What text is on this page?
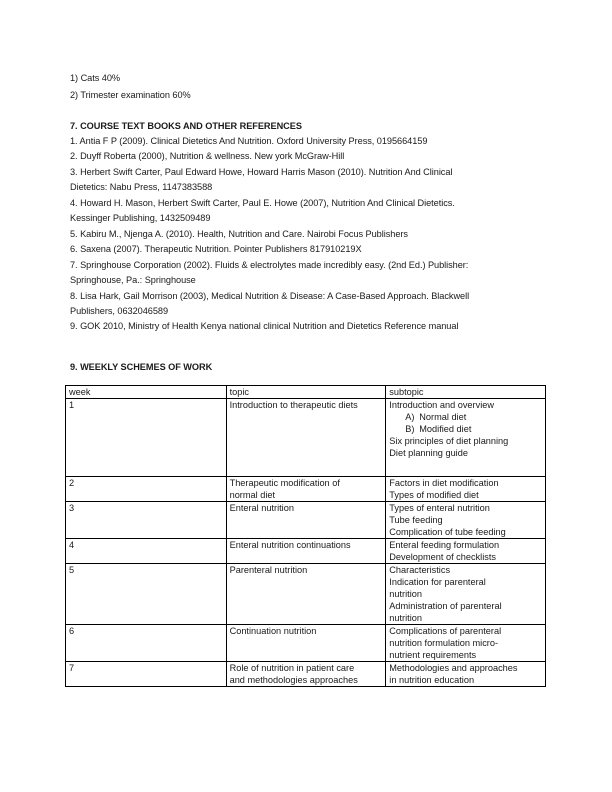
1) Cats 40%
2) Trimester examination 60%
7. COURSE TEXT BOOKS AND OTHER REFERENCES
1. Antia F P (2009). Clinical Dietetics And Nutrition. Oxford University Press, 0195664159
2. Duyff Roberta (2000), Nutrition & wellness. New york McGraw-Hill
3. Herbert Swift Carter, Paul Edward Howe, Howard Harris Mason (2010). Nutrition And Clinical
Dietetics: Nabu Press, 1147383588
4. Howard H. Mason, Herbert Swift Carter, Paul E. Howe (2007), Nutrition And Clinical Dietetics.
Kessinger Publishing, 1432509489
5. Kabiru M., Njenga A. (2010). Health, Nutrition and Care. Nairobi Focus Publishers
6. Saxena (2007). Therapeutic Nutrition. Pointer Publishers 817910219X
7. Springhouse Corporation (2002). Fluids & electrolytes made incredibly easy. (2nd Ed.) Publisher:
Springhouse, Pa.: Springhouse
8. Lisa Hark, Gail Morrison (2003), Medical Nutrition & Disease: A Case-Based Approach. Blackwell
Publishers, 0632046589
9. GOK 2010, Ministry of Health Kenya national clinical Nutrition and Dietetics Reference manual
9. WEEKLY SCHEMES OF WORK
week	topic	subtopic
1	Introduction to therapeutic diets	Introduction and overview
A) Normal diet
B) Modified diet
Six principles of diet planning
Diet planning guide

2	Therapeutic modification of
normal diet	Factors in diet modification
Types of modified diet

3	Enteral nutrition	Types of enteral nutrition
Tube feeding
Complication of tube feeding

4	Enteral nutrition continuations	Enteral feeding formulation
Development of checklists

5	Parenteral nutrition	Characteristics
Indication for parenteral
nutrition
Administration of parenteral
nutrition

6	Continuation nutrition	Complications of parenteral
nutrition formulation micro-
nutrient requirements

7	Role of nutrition in patient care
and methodologies approaches	Methodologies and approaches
in nutrition education
